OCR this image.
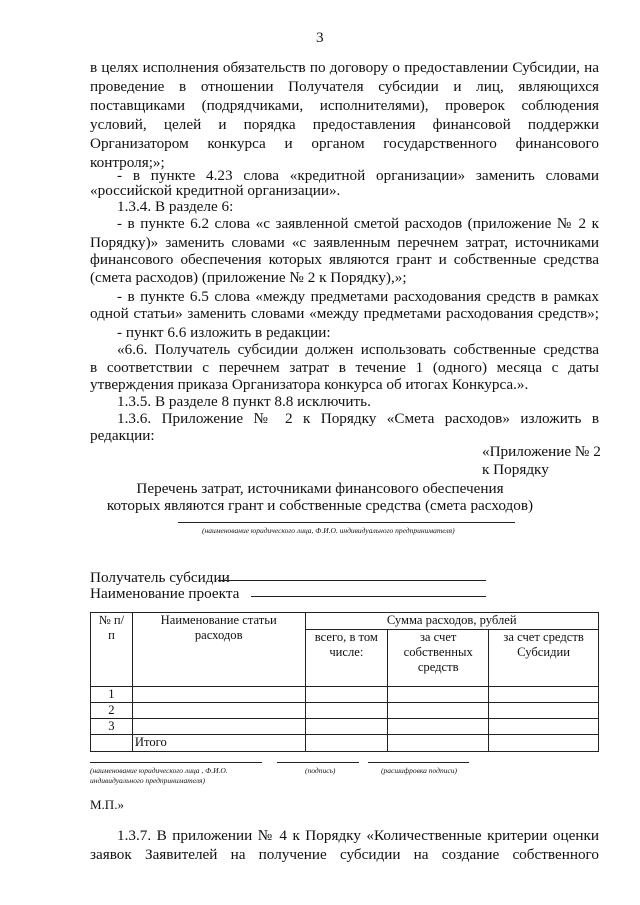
3
в целях исполнения обязательств по договору о предоставлении Субсидии, на
проведение в отношении Получателя субсидии и лиц, являющихся
поставщиками (подрядчиками, исполнителями), проверок соблюдения
условий, целей и порядка предоставления финансовой поддержки
Организатором конкурса и органом государственного финансового
контроля;»;
- в пункте 4.23 слова «кредитной организации» заменить словами
«российской кредитной организации».
1.3.4. В разделе 6:
- в пункте 6.2 слова «с заявленной сметой расходов (приложение № 2 к
Порядку)» заменить словами «с заявленным перечнем затрат, источниками
финансового обеспечения которых являются грант и собственные средства
(смета расходов) (приложение № 2 к Порядку),»;
- в пункте 6.5 слова «между предметами расходования средств в рамках
одной статьи» заменить словами «между предметами расходования средств»;
- пункт 6.6 изложить в редакции:
«6.6. Получатель субсидии должен использовать собственные средства
в соответствии с перечнем затрат в течение 1 (одного) месяца с даты
утверждения приказа Организатора конкурса об итогах Конкурса.».
1.3.5. В разделе 8 пункт 8.8 исключить.
1.3.6. Приложение № 2 к Порядку «Смета расходов» изложить в
редакции:
«Приложение № 2
к Порядку
Перечень затрат, источниками финансового обеспечения
которых являются грант и собственные средства (смета расходов)
(наименование юридического лица, Ф.И.О. индивидуального предпринимателя)
Получатель субсидии
Наименование проекта
№ п/п	Наименование статьи расходов	Сумма расходов, рублей		
		всего, в том числе:	за счет собственных средств	за счет средств Субсидии
1				
2				
3				
	Итого			
(наименование юридического лица , Ф.И.О.
индивидуального предпринимателя)
(подпись)	(расшифровка подписи)
М.П.»
1.3.7. В приложении № 4 к Порядку «Количественные критерии оценки
заявок Заявителей на получение субсидии на создание собственного
